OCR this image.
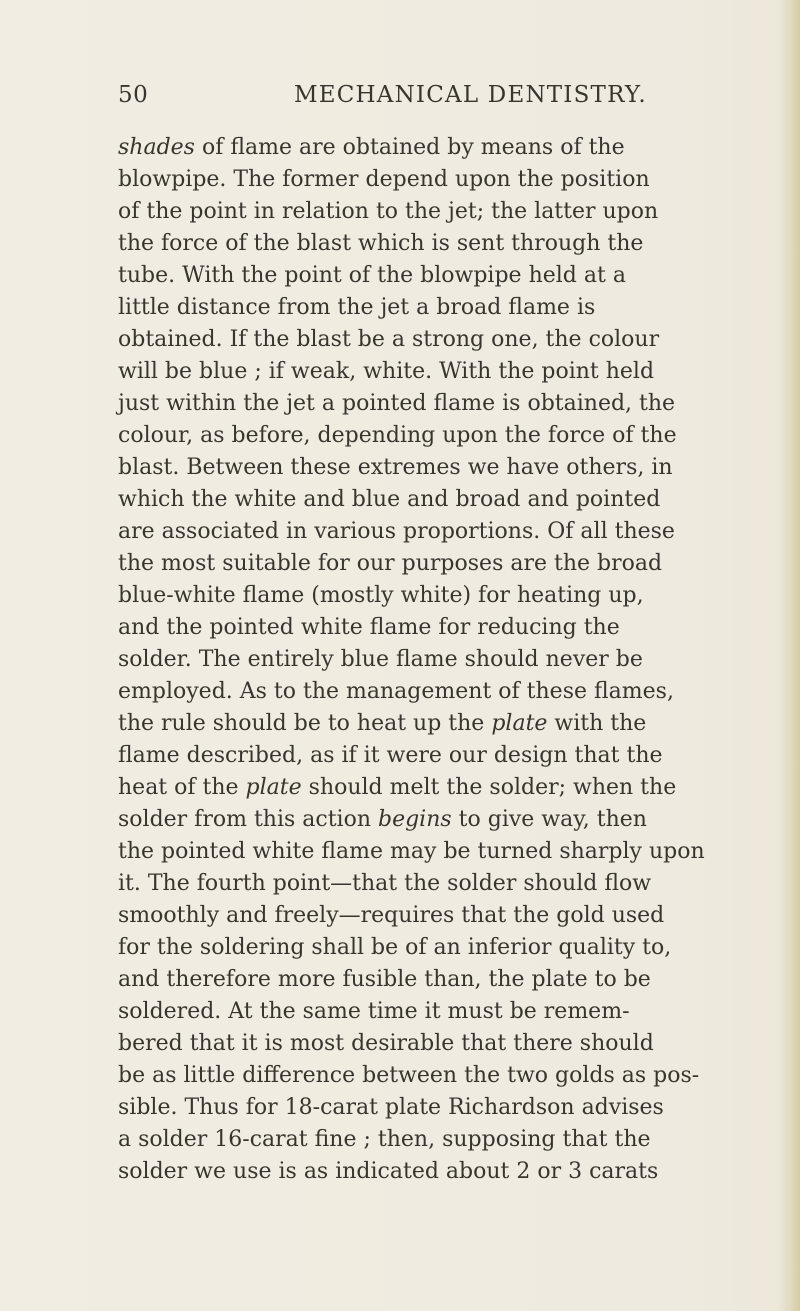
50	MECHANICAL DENTISTRY.
shades of flame are obtained by means of the
blowpipe. The former depend upon the position
of the point in relation to the jet; the latter upon
the force of the blast which is sent through the
tube. With the point of the blowpipe held at a
little distance from the jet a broad flame is
obtained. If the blast be a strong one, the colour
will be blue ; if weak, white. With the point held
just within the jet a pointed flame is obtained, the
colour, as before, depending upon the force of the
blast. Between these extremes we have others, in
which the white and blue and broad and pointed
are associated in various proportions. Of all these
the most suitable for our purposes are the broad
blue-white flame (mostly white) for heating up,
and the pointed white flame for reducing the
solder. The entirely blue flame should never be
employed. As to the management of these flames,
the rule should be to heat up the plate with the
flame described, as if it were our design that the
heat of the plate should melt the solder; when the
solder from this action begins to give way, then
the pointed white flame may be turned sharply upon
it. The fourth point—that the solder should flow
smoothly and freely—requires that the gold used
for the soldering shall be of an inferior quality to,
and therefore more fusible than, the plate to be
soldered. At the same time it must be remem-
bered that it is most desirable that there should
be as little difference between the two golds as pos-
sible. Thus for 18-carat plate Richardson advises
a solder 16-carat fine ; then, supposing that the
solder we use is as indicated about 2 or 3 carats
